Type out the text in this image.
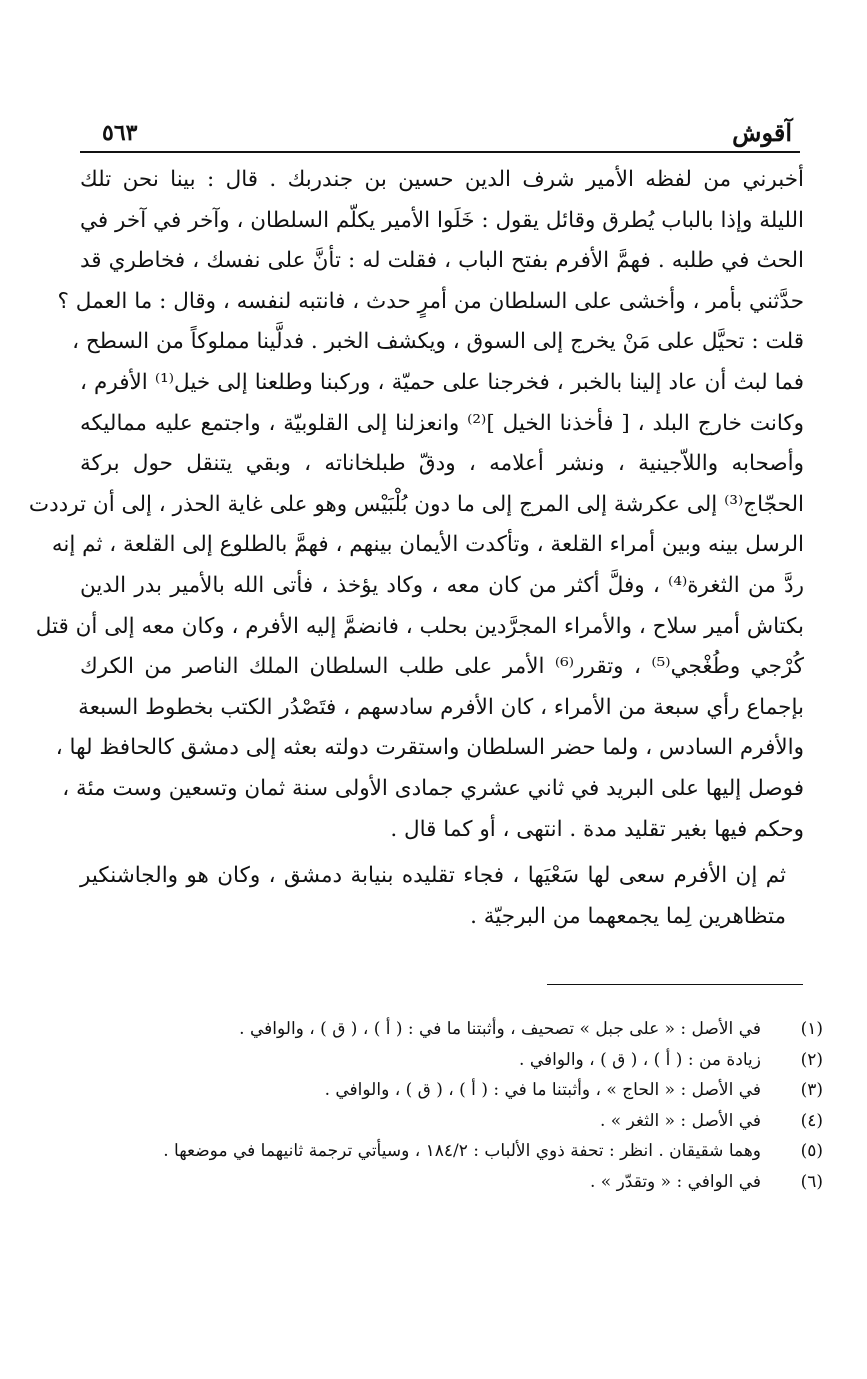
آقوش
٥٦٣

أخبرني من لفظه الأمير شرف الدين حسين بن جندربك . قال : بينا نحن تلك
الليلة وإذا بالباب يُطرق وقائل يقول : خَلَوا الأمير يكلّم السلطان ، وآخر في آخر في
الحث في طلبه . فهمَّ الأفرم بفتح الباب ، فقلت له : تأنَّ على نفسك ، فخاطري قد
حدَّثني بأمر ، وأخشى على السلطان من أمرٍ حدث ، فانتبه لنفسه ، وقال : ما العمل ؟
قلت : تحيَّل على مَنْ يخرج إلى السوق ، ويكشف الخبر . فدلَّينا مملوكاً من السطح ،
فما لبث أن عاد إلينا بالخبر ، فخرجنا على حميّة ، وركبنا وطلعنا إلى خيل⁽¹⁾ الأفرم ،
وكانت خارج البلد ، [ فأخذنا الخيل ]⁽²⁾ وانعزلنا إلى القلوبيّة ، واجتمع عليه مماليكه
وأصحابه واللاّجينية ، ونشر أعلامه ، ودقّ طبلخاناته ، وبقي يتنقل حول بركة
الحجّاج⁽³⁾ إلى عكرشة إلى المرج إلى ما دون بُلْبَيْس وهو على غاية الحذر ، إلى أن ترددت
الرسل بينه وبين أمراء القلعة ، وتأكدت الأيمان بينهم ، فهمَّ بالطلوع إلى القلعة ، ثم إنه
ردَّ من الثغرة⁽⁴⁾ ، وفلَّ أكثر من كان معه ، وكاد يؤخذ ، فأتى الله بالأمير بدر الدين
بكتاش أمير سلاح ، والأمراء المجرَّدين بحلب ، فانضمَّ إليه الأفرم ، وكان معه إلى أن قتل
كُرْجي وطُغْجي⁽⁵⁾ ، وتقرر⁽⁶⁾ الأمر على طلب السلطان الملك الناصر من الكرك
بإجماع رأي سبعة من الأمراء ، كان الأفرم سادسهم ، فتَصْدُر الكتب بخطوط السبعة
والأفرم السادس ، ولما حضر السلطان واستقرت دولته بعثه إلى دمشق كالحافظ لها ،
فوصل إليها على البريد في ثاني عشري جمادى الأولى سنة ثمان وتسعين وست مئة ،
وحكم فيها بغير تقليد مدة . انتهى ، أو كما قال .

ثم إن الأفرم سعى لها سَعْيَها ، فجاء تقليده بنيابة دمشق ، وكان هو والجاشنكير
متظاهرين لِما يجمعهما من البرجيّة .

(١)
في الأصل : « على جبل » تصحيف ، وأثبتنا ما في : ( أ ) ، ( ق ) ، والوافي .
(٢)
زيادة من : ( أ ) ، ( ق ) ، والوافي .
(٣)
في الأصل : « الحاج » ، وأثبتنا ما في : ( أ ) ، ( ق ) ، والوافي .
(٤)
في الأصل : « الثغر » .
(٥)
وهما شقيقان . انظر : تحفة ذوي الألباب : ١٨٤/٢ ، وسيأتي ترجمة ثانيهما في موضعها .
(٦)
في الوافي : « وتقدّر » .
